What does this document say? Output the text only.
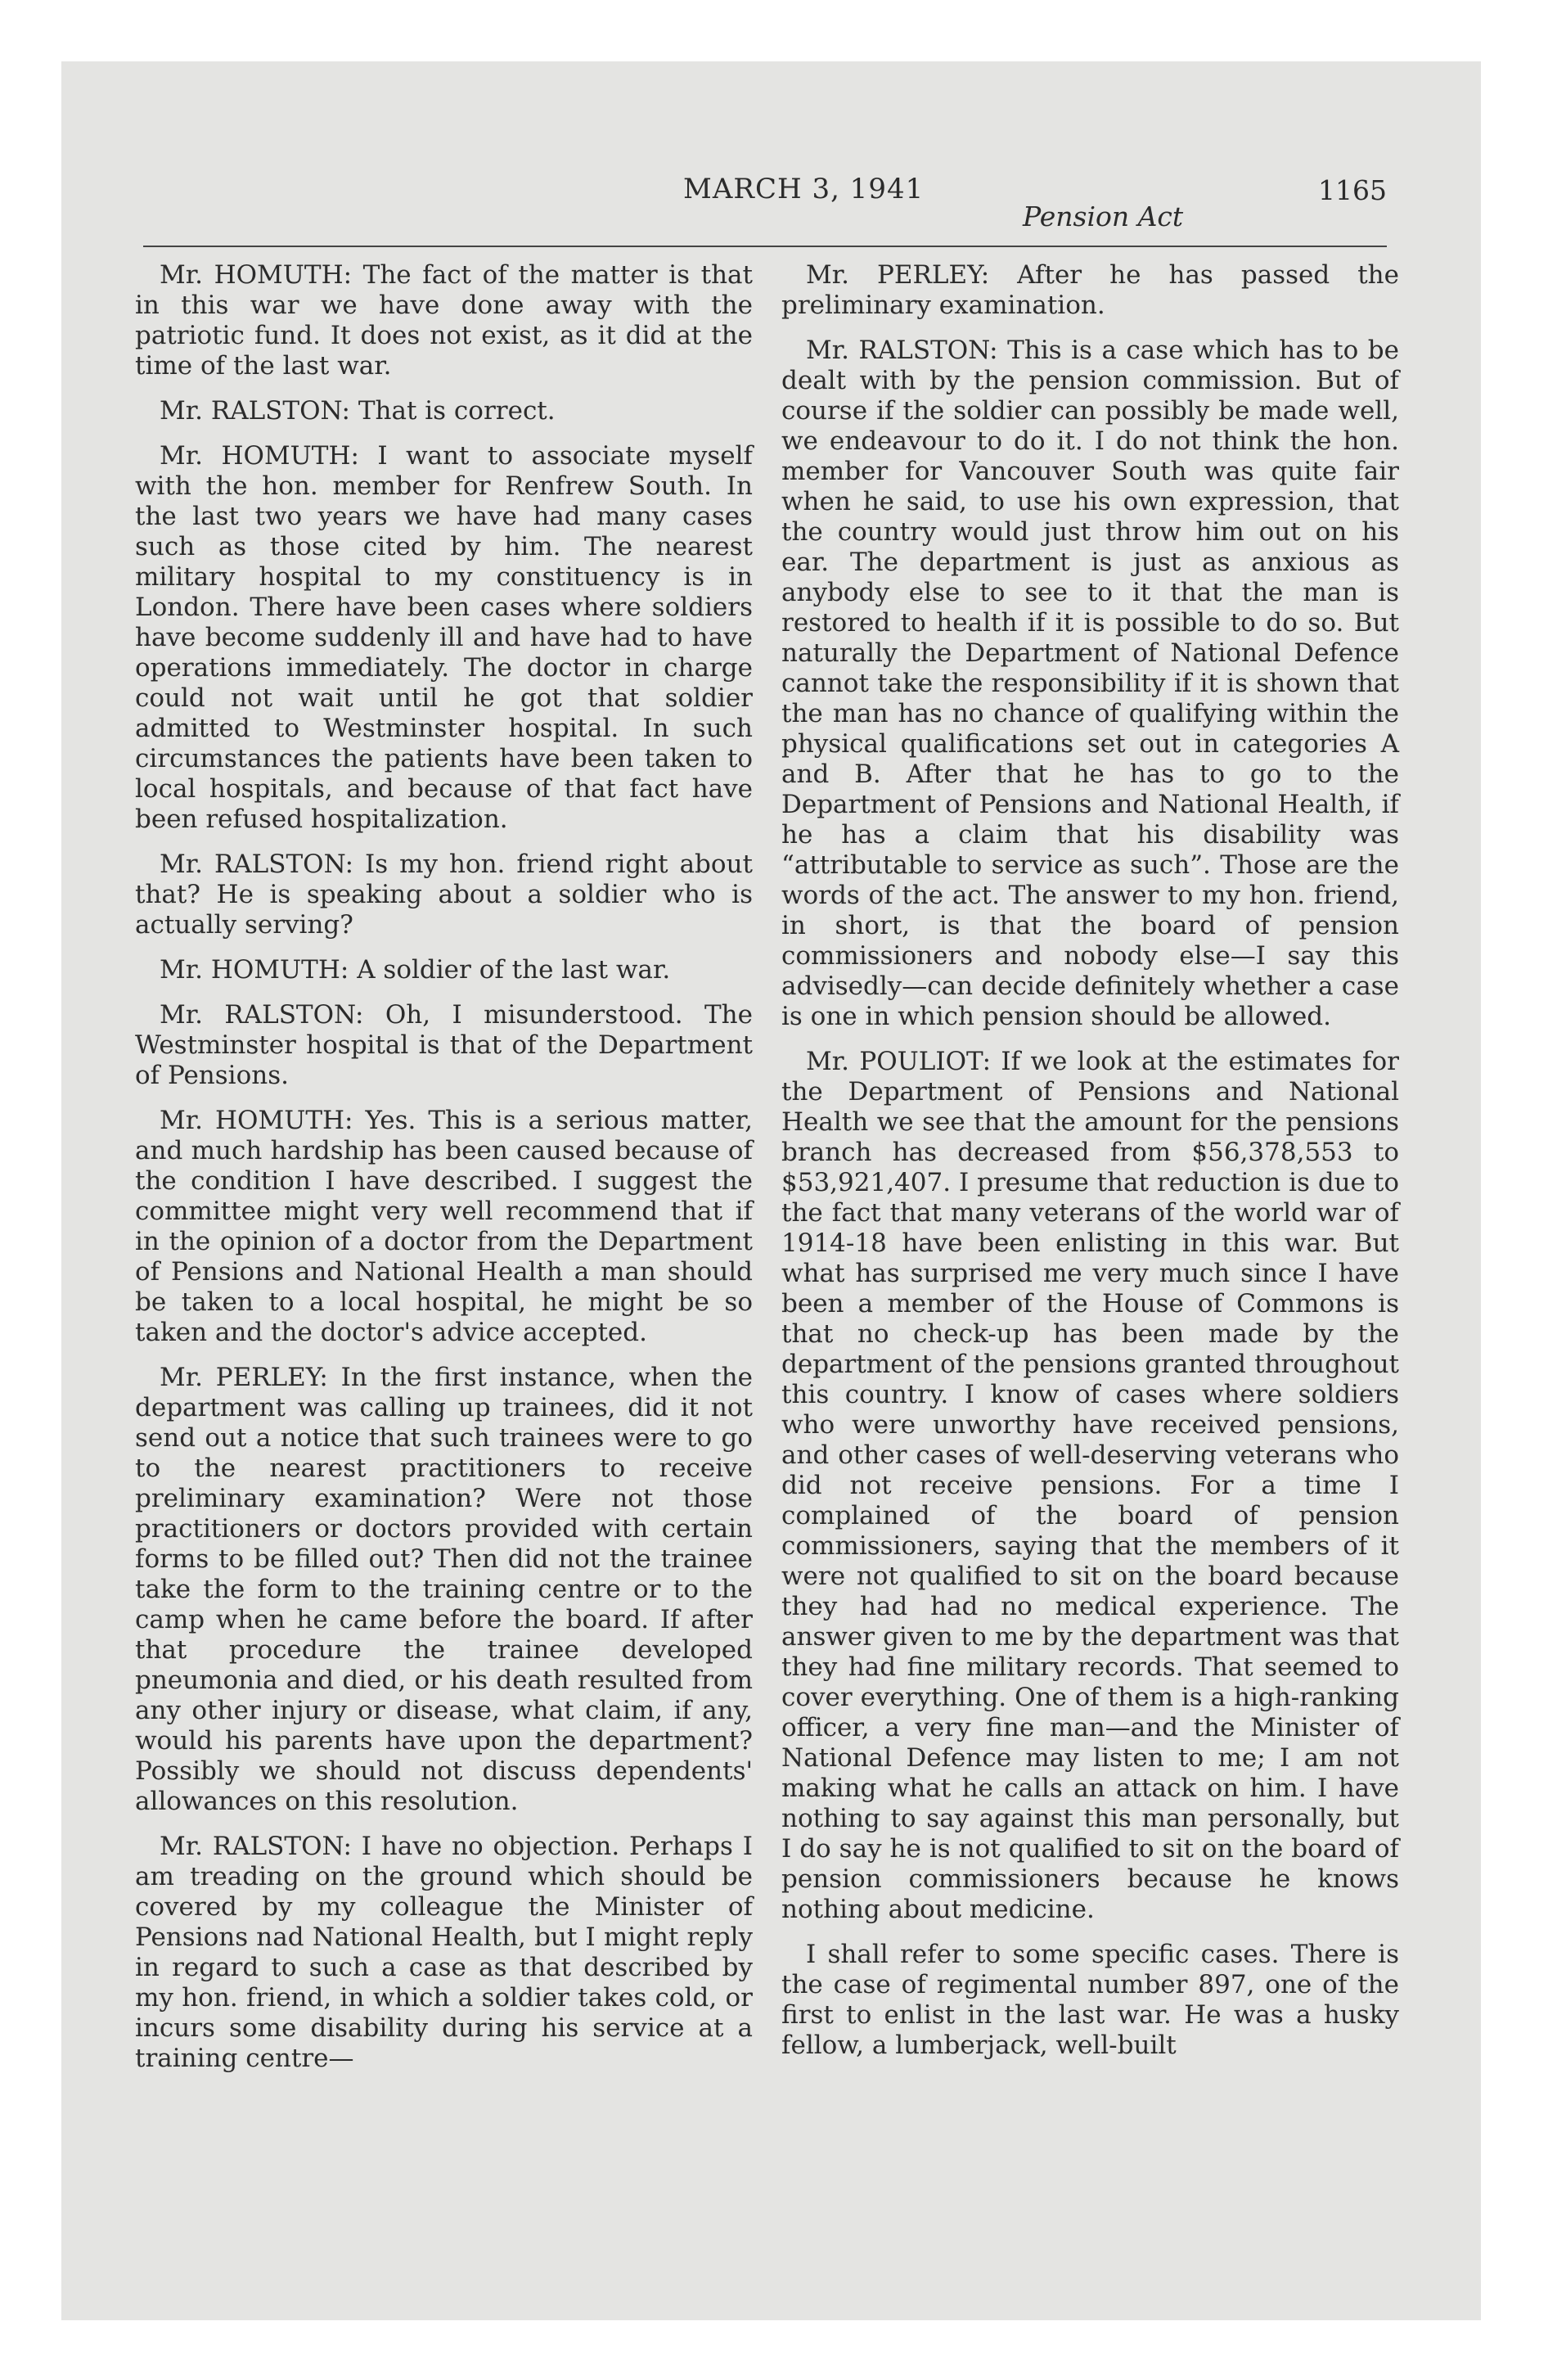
MARCH 3, 1941
Pension Act
1165

Mr. HOMUTH: The fact of the matter is that in this war we have done away with the patriotic fund. It does not exist, as it did at the time of the last war.

Mr. RALSTON: That is correct.

Mr. HOMUTH: I want to associate myself with the hon. member for Renfrew South. In the last two years we have had many cases such as those cited by him. The nearest military hospital to my constituency is in London. There have been cases where soldiers have become suddenly ill and have had to have operations immediately. The doctor in charge could not wait until he got that soldier admitted to Westminster hospital. In such circumstances the patients have been taken to local hospitals, and because of that fact have been refused hospitalization.

Mr. RALSTON: Is my hon. friend right about that? He is speaking about a soldier who is actually serving?

Mr. HOMUTH: A soldier of the last war.

Mr. RALSTON: Oh, I misunderstood. The Westminster hospital is that of the Department of Pensions.

Mr. HOMUTH: Yes. This is a serious matter, and much hardship has been caused because of the condition I have described. I suggest the committee might very well recommend that if in the opinion of a doctor from the Department of Pensions and National Health a man should be taken to a local hospital, he might be so taken and the doctor's advice accepted.

Mr. PERLEY: In the first instance, when the department was calling up trainees, did it not send out a notice that such trainees were to go to the nearest practitioners to receive preliminary examination? Were not those practitioners or doctors provided with certain forms to be filled out? Then did not the trainee take the form to the training centre or to the camp when he came before the board. If after that procedure the trainee developed pneumonia and died, or his death resulted from any other injury or disease, what claim, if any, would his parents have upon the department? Possibly we should not discuss dependents' allowances on this resolution.

Mr. RALSTON: I have no objection. Perhaps I am treading on the ground which should be covered by my colleague the Minister of Pensions nad National Health, but I might reply in regard to such a case as that described by my hon. friend, in which a soldier takes cold, or incurs some disability during his service at a training centre—

Mr. PERLEY: After he has passed the preliminary examination.

Mr. RALSTON: This is a case which has to be dealt with by the pension commission. But of course if the soldier can possibly be made well, we endeavour to do it. I do not think the hon. member for Vancouver South was quite fair when he said, to use his own expression, that the country would just throw him out on his ear. The department is just as anxious as anybody else to see to it that the man is restored to health if it is possible to do so. But naturally the Department of National Defence cannot take the responsibility if it is shown that the man has no chance of qualifying within the physical qualifications set out in categories A and B. After that he has to go to the Department of Pensions and National Health, if he has a claim that his disability was “attributable to service as such”. Those are the words of the act. The answer to my hon. friend, in short, is that the board of pension commissioners and nobody else—I say this advisedly—can decide definitely whether a case is one in which pension should be allowed.

Mr. POULIOT: If we look at the estimates for the Department of Pensions and National Health we see that the amount for the pensions branch has decreased from $56,378,553 to $53,921,407. I presume that reduction is due to the fact that many veterans of the world war of 1914-18 have been enlisting in this war. But what has surprised me very much since I have been a member of the House of Commons is that no check-up has been made by the department of the pensions granted throughout this country. I know of cases where soldiers who were unworthy have received pensions, and other cases of well-deserving veterans who did not receive pensions. For a time I complained of the board of pension commissioners, saying that the members of it were not qualified to sit on the board because they had had no medical experience. The answer given to me by the department was that they had fine military records. That seemed to cover everything. One of them is a high-ranking officer, a very fine man—and the Minister of National Defence may listen to me; I am not making what he calls an attack on him. I have nothing to say against this man personally, but I do say he is not qualified to sit on the board of pension commissioners because he knows nothing about medicine.

I shall refer to some specific cases. There is the case of regimental number 897, one of the first to enlist in the last war. He was a husky fellow, a lumberjack, well-built
